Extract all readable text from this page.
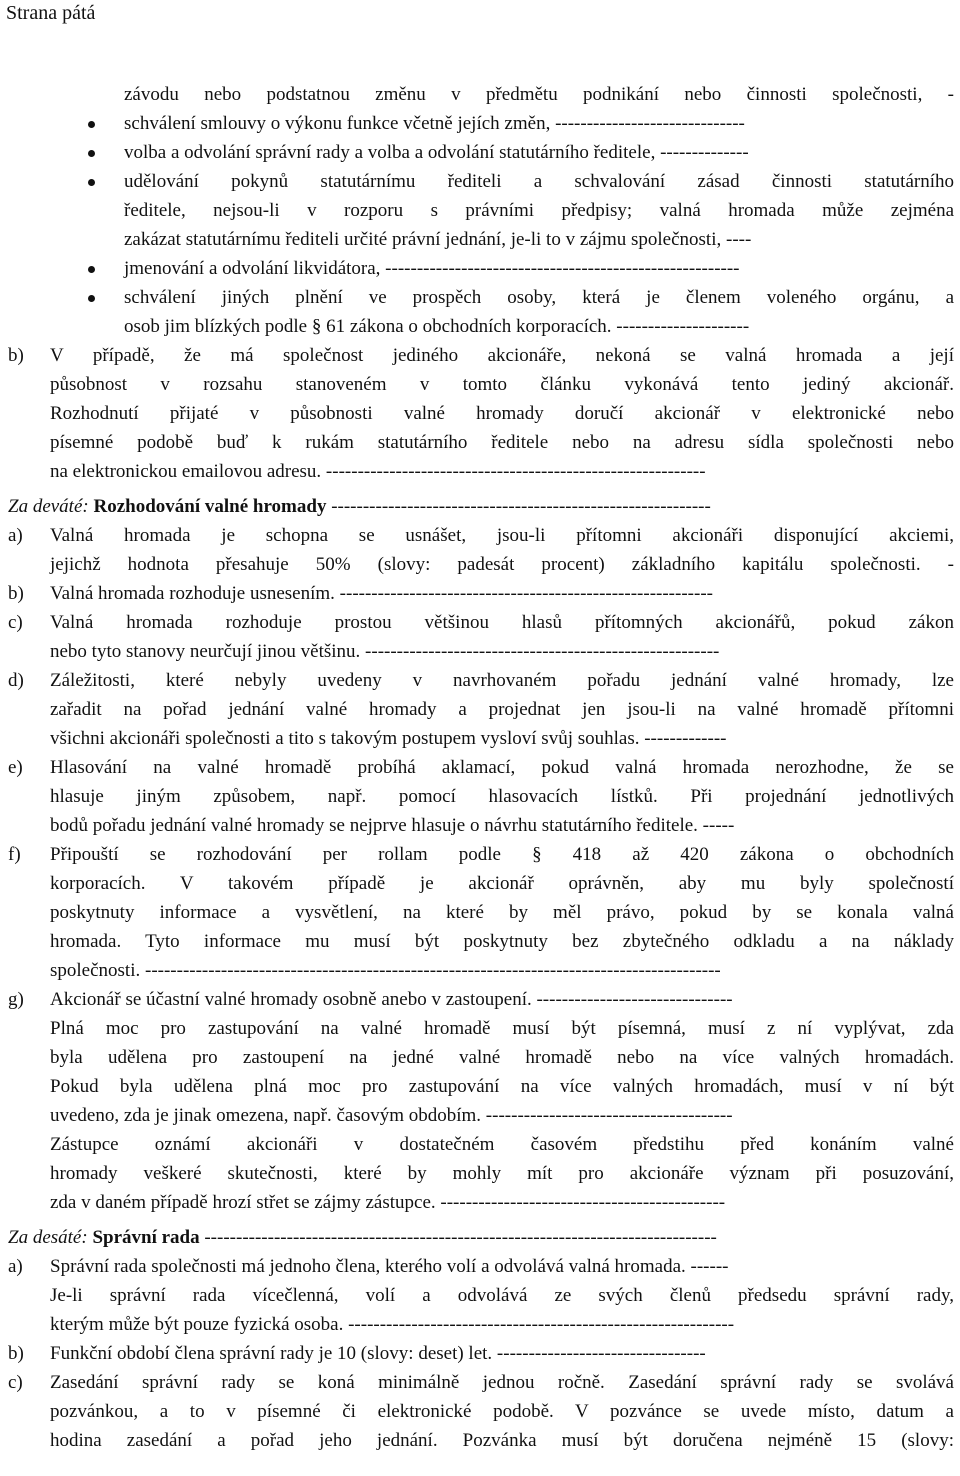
Strana pátá
závodu nebo podstatnou změnu v předmětu podnikání nebo činnosti společnosti, -
schválení smlouvy o výkonu funkce včetně jejích změn, ------------------------------
volba a odvolání správní rady a volba a odvolání statutárního ředitele, --------------
udělování pokynů statutárnímu řediteli a schvalování zásad činnosti statutárního
ředitele, nejsou-li v rozporu s právními předpisy; valná hromada může zejména
zakázat statutárnímu řediteli určité právní jednání, je-li to v zájmu společnosti, ----
jmenování a odvolání likvidátora, --------------------------------------------------------
schválení jiných plnění ve prospěch osoby, která je členem voleného orgánu, a
osob jim blízkých podle § 61 zákona o obchodních korporacích. ---------------------
b) V případě, že má společnost jediného akcionáře, nekoná se valná hromada a její
působnost v rozsahu stanoveném v tomto článku vykonává tento jediný akcionář.
Rozhodnutí přijaté v působnosti valné hromady doručí akcionář v elektronické nebo
písemné podobě buď k rukám statutárního ředitele nebo na adresu sídla společnosti nebo
na elektronickou emailovou adresu. ------------------------------------------------------------
Za deváté: Rozhodování valné hromady ------------------------------------------------------------
a) Valná hromada je schopna se usnášet, jsou-li přítomni akcionáři disponující akciemi,
jejichž hodnota přesahuje 50% (slovy: padesát procent) základního kapitálu společnosti. -
b) Valná hromada rozhoduje usnesením. -----------------------------------------------------------
c) Valná hromada rozhoduje prostou většinou hlasů přítomných akcionářů, pokud zákon
nebo tyto stanovy neurčují jinou většinu. --------------------------------------------------------
d) Záležitosti, které nebyly uvedeny v navrhovaném pořadu jednání valné hromady, lze
zařadit na pořad jednání valné hromady a projednat jen jsou-li na valné hromadě přítomni
všichni akcionáři společnosti a tito s takovým postupem vysloví svůj souhlas. -------------
e) Hlasování na valné hromadě probíhá aklamací, pokud valná hromada nerozhodne, že se
hlasuje jiným způsobem, např. pomocí hlasovacích lístků. Při projednání jednotlivých
bodů pořadu jednání valné hromady se nejprve hlasuje o návrhu statutárního ředitele. -----
f) Připouští se rozhodování per rollam podle § 418 až 420 zákona o obchodních
korporacích. V takovém případě je akcionář oprávněn, aby mu byly společností
poskytnuty informace a vysvětlení, na které by měl právo, pokud by se konala valná
hromada. Tyto informace mu musí být poskytnuty bez zbytečného odkladu a na náklady
společnosti. -------------------------------------------------------------------------------------------
g) Akcionář se účastní valné hromady osobně anebo v zastoupení. -------------------------------
Plná moc pro zastupování na valné hromadě musí být písemná, musí z ní vyplývat, zda
byla udělena pro zastoupení na jedné valné hromadě nebo na více valných hromadách.
Pokud byla udělena plná moc pro zastupování na více valných hromadách, musí v ní být
uvedeno, zda je jinak omezena, např. časovým obdobím. ---------------------------------------
Zástupce oznámí akcionáři v dostatečném časovém předstihu před konáním valné
hromady veškeré skutečnosti, které by mohly mít pro akcionáře význam při posuzování,
zda v daném případě hrozí střet se zájmy zástupce. ---------------------------------------------
Za desáté: Správní rada ---------------------------------------------------------------------------------
a) Správní rada společnosti má jednoho člena, kterého volí a odvolává valná hromada. ------
Je-li správní rada vícečlenná, volí a odvolává ze svých členů předsedu správní rady,
kterým může být pouze fyzická osoba. -------------------------------------------------------------
b) Funkční období člena správní rady je 10 (slovy: deset) let. ---------------------------------
c) Zasedání správní rady se koná minimálně jednou ročně. Zasedání správní rady se svolává
pozvánkou, a to v písemné či elektronické podobě. V pozvánce se uvede místo, datum a
hodina zasedání a pořad jeho jednání. Pozvánka musí být doručena nejméně 15 (slovy:
